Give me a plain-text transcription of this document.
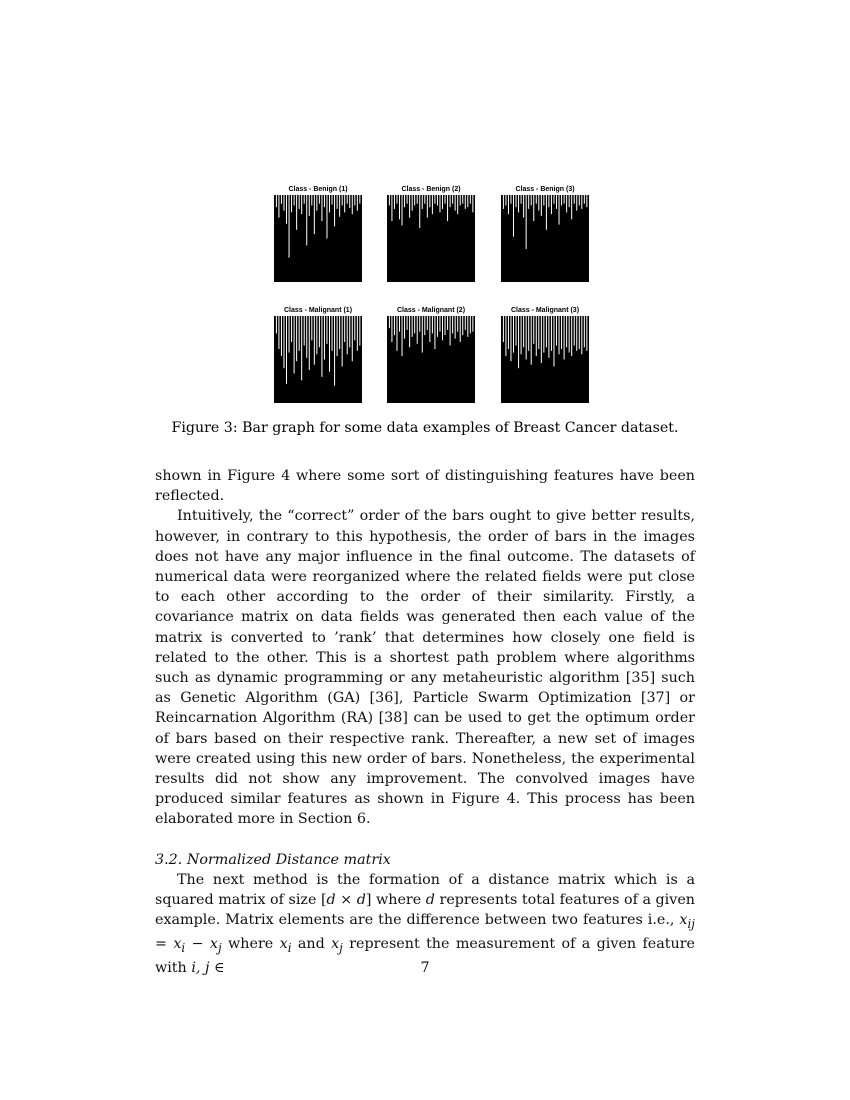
Class - Benign (1)	Class - Benign (2)	Class - Benign (3)
Class - Malignant (1)	Class - Malignant (2)	Class - Malignant (3)
Figure 3: Bar graph for some data examples of Breast Cancer dataset.

shown in Figure 4 where some sort of distinguishing features have been reflected.

Intuitively, the “correct” order of the bars ought to give better results, however, in contrary to this hypothesis, the order of bars in the images does not have any major influence in the final outcome. The datasets of numerical data were reorganized where the related fields were put close to each other according to the order of their similarity. Firstly, a covariance matrix on data fields was generated then each value of the matrix is converted to ’rank’ that determines how closely one field is related to the other. This is a shortest path problem where algorithms such as dynamic programming or any metaheuristic algorithm [35] such as Genetic Algorithm (GA) [36], Particle Swarm Optimization [37] or Reincarnation Algorithm (RA) [38] can be used to get the optimum order of bars based on their respective rank. Thereafter, a new set of images were created using this new order of bars. Nonetheless, the experimental results did not show any improvement. The convolved images have produced similar features as shown in Figure 4. This process has been elaborated more in Section 6.

3.2. Normalized Distance matrix

The next method is the formation of a distance matrix which is a squared matrix of size [d × d] where d represents total features of a given example. Matrix elements are the difference between two features i.e., $x_{ij} = x_i - x_j$ where $x_i$ and $x_j$ represent the measurement of a given feature with i, j ∈	7
